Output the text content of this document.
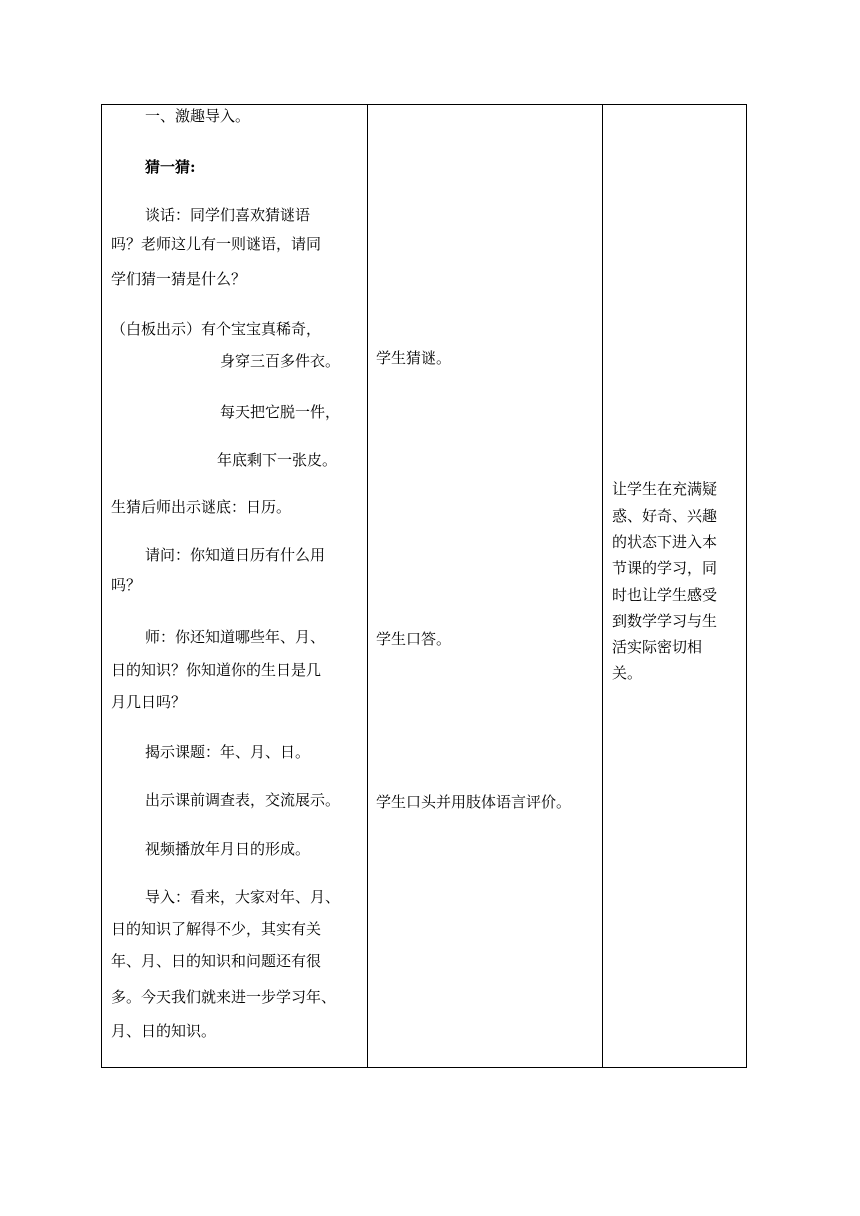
一、激趣导入。
猜一猜:
谈话：同学们喜欢猜谜语
吗？老师这儿有一则谜语，请同
学们猜一猜是什么？
（白板出示）有个宝宝真稀奇，
身穿三百多件衣。
每天把它脱一件，
年底剩下一张皮。
生猜后师出示谜底：日历。
请问：你知道日历有什么用
吗？
师：你还知道哪些年、月、
日的知识？你知道你的生日是几
月几日吗？
揭示课题：年、月、日。
出示课前调查表，交流展示。
视频播放年月日的形成。
导入：看来，大家对年、月、
日的知识了解得不少，其实有关
年、月、日的知识和问题还有很
多。今天我们就来进一步学习年、
月、日的知识。
学生猜谜。
学生口答。
学生口头并用肢体语言评价。
让学生在充满疑
惑、好奇、兴趣
的状态下进入本
节课的学习，同
时也让学生感受
到数学学习与生
活实际密切相
关。
